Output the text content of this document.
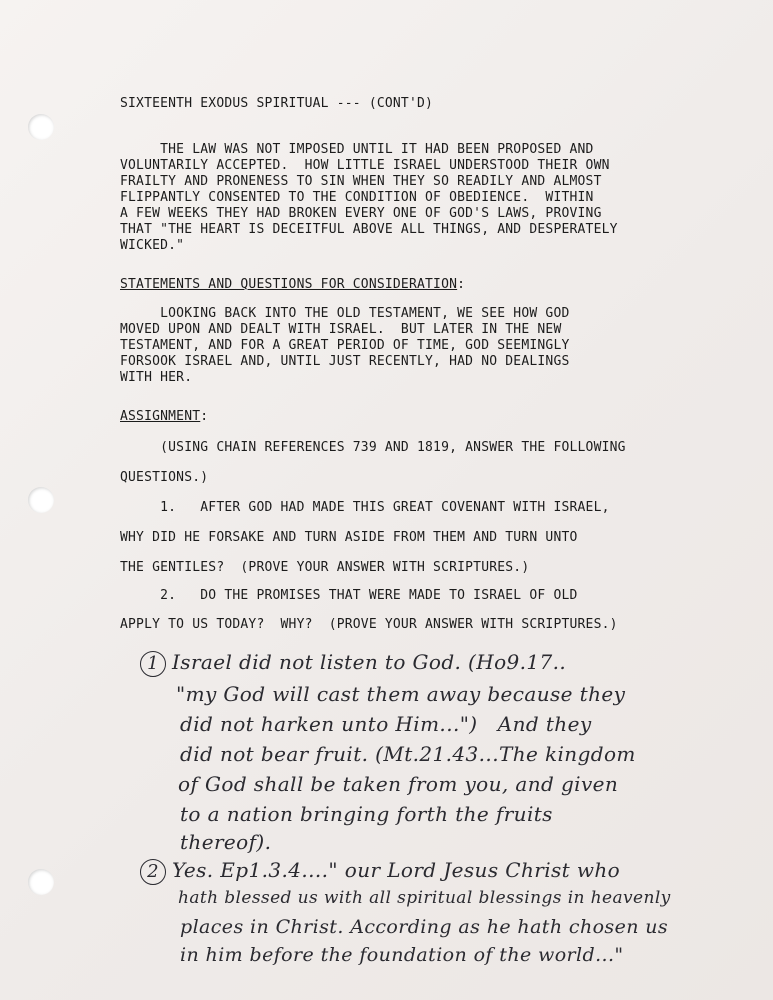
SIXTEENTH EXODUS SPIRITUAL --- (CONT'D)
THE LAW WAS NOT IMPOSED UNTIL IT HAD BEEN PROPOSED AND
VOLUNTARILY ACCEPTED.  HOW LITTLE ISRAEL UNDERSTOOD THEIR OWN
FRAILTY AND PRONENESS TO SIN WHEN THEY SO READILY AND ALMOST
FLIPPANTLY CONSENTED TO THE CONDITION OF OBEDIENCE.  WITHIN
A FEW WEEKS THEY HAD BROKEN EVERY ONE OF GOD'S LAWS, PROVING
THAT "THE HEART IS DECEITFUL ABOVE ALL THINGS, AND DESPERATELY
WICKED."
STATEMENTS AND QUESTIONS FOR CONSIDERATION:
LOOKING BACK INTO THE OLD TESTAMENT, WE SEE HOW GOD
MOVED UPON AND DEALT WITH ISRAEL.  BUT LATER IN THE NEW
TESTAMENT, AND FOR A GREAT PERIOD OF TIME, GOD SEEMINGLY
FORSOOK ISRAEL AND, UNTIL JUST RECENTLY, HAD NO DEALINGS
WITH HER.
ASSIGNMENT:
(USING CHAIN REFERENCES 739 AND 1819, ANSWER THE FOLLOWING
QUESTIONS.)
1.   AFTER GOD HAD MADE THIS GREAT COVENANT WITH ISRAEL,
WHY DID HE FORSAKE AND TURN ASIDE FROM THEM AND TURN UNTO
THE GENTILES?  (PROVE YOUR ANSWER WITH SCRIPTURES.)
2.   DO THE PROMISES THAT WERE MADE TO ISRAEL OF OLD
APPLY TO US TODAY?  WHY?  (PROVE YOUR ANSWER WITH SCRIPTURES.)
1 Israel did not listen to God. (Ho9.17..
"my God will cast them away because they
did not harken unto Him...")   And they
did not bear fruit. (Mt.21.43...The kingdom
of God shall be taken from you, and given
to a nation bringing forth the fruits
thereof).
2 Yes. Ep1.3.4...." our Lord Jesus Christ who
hath blessed us with all spiritual blessings in heavenly
places in Christ. According as he hath chosen us
in him before the foundation of the world..."
